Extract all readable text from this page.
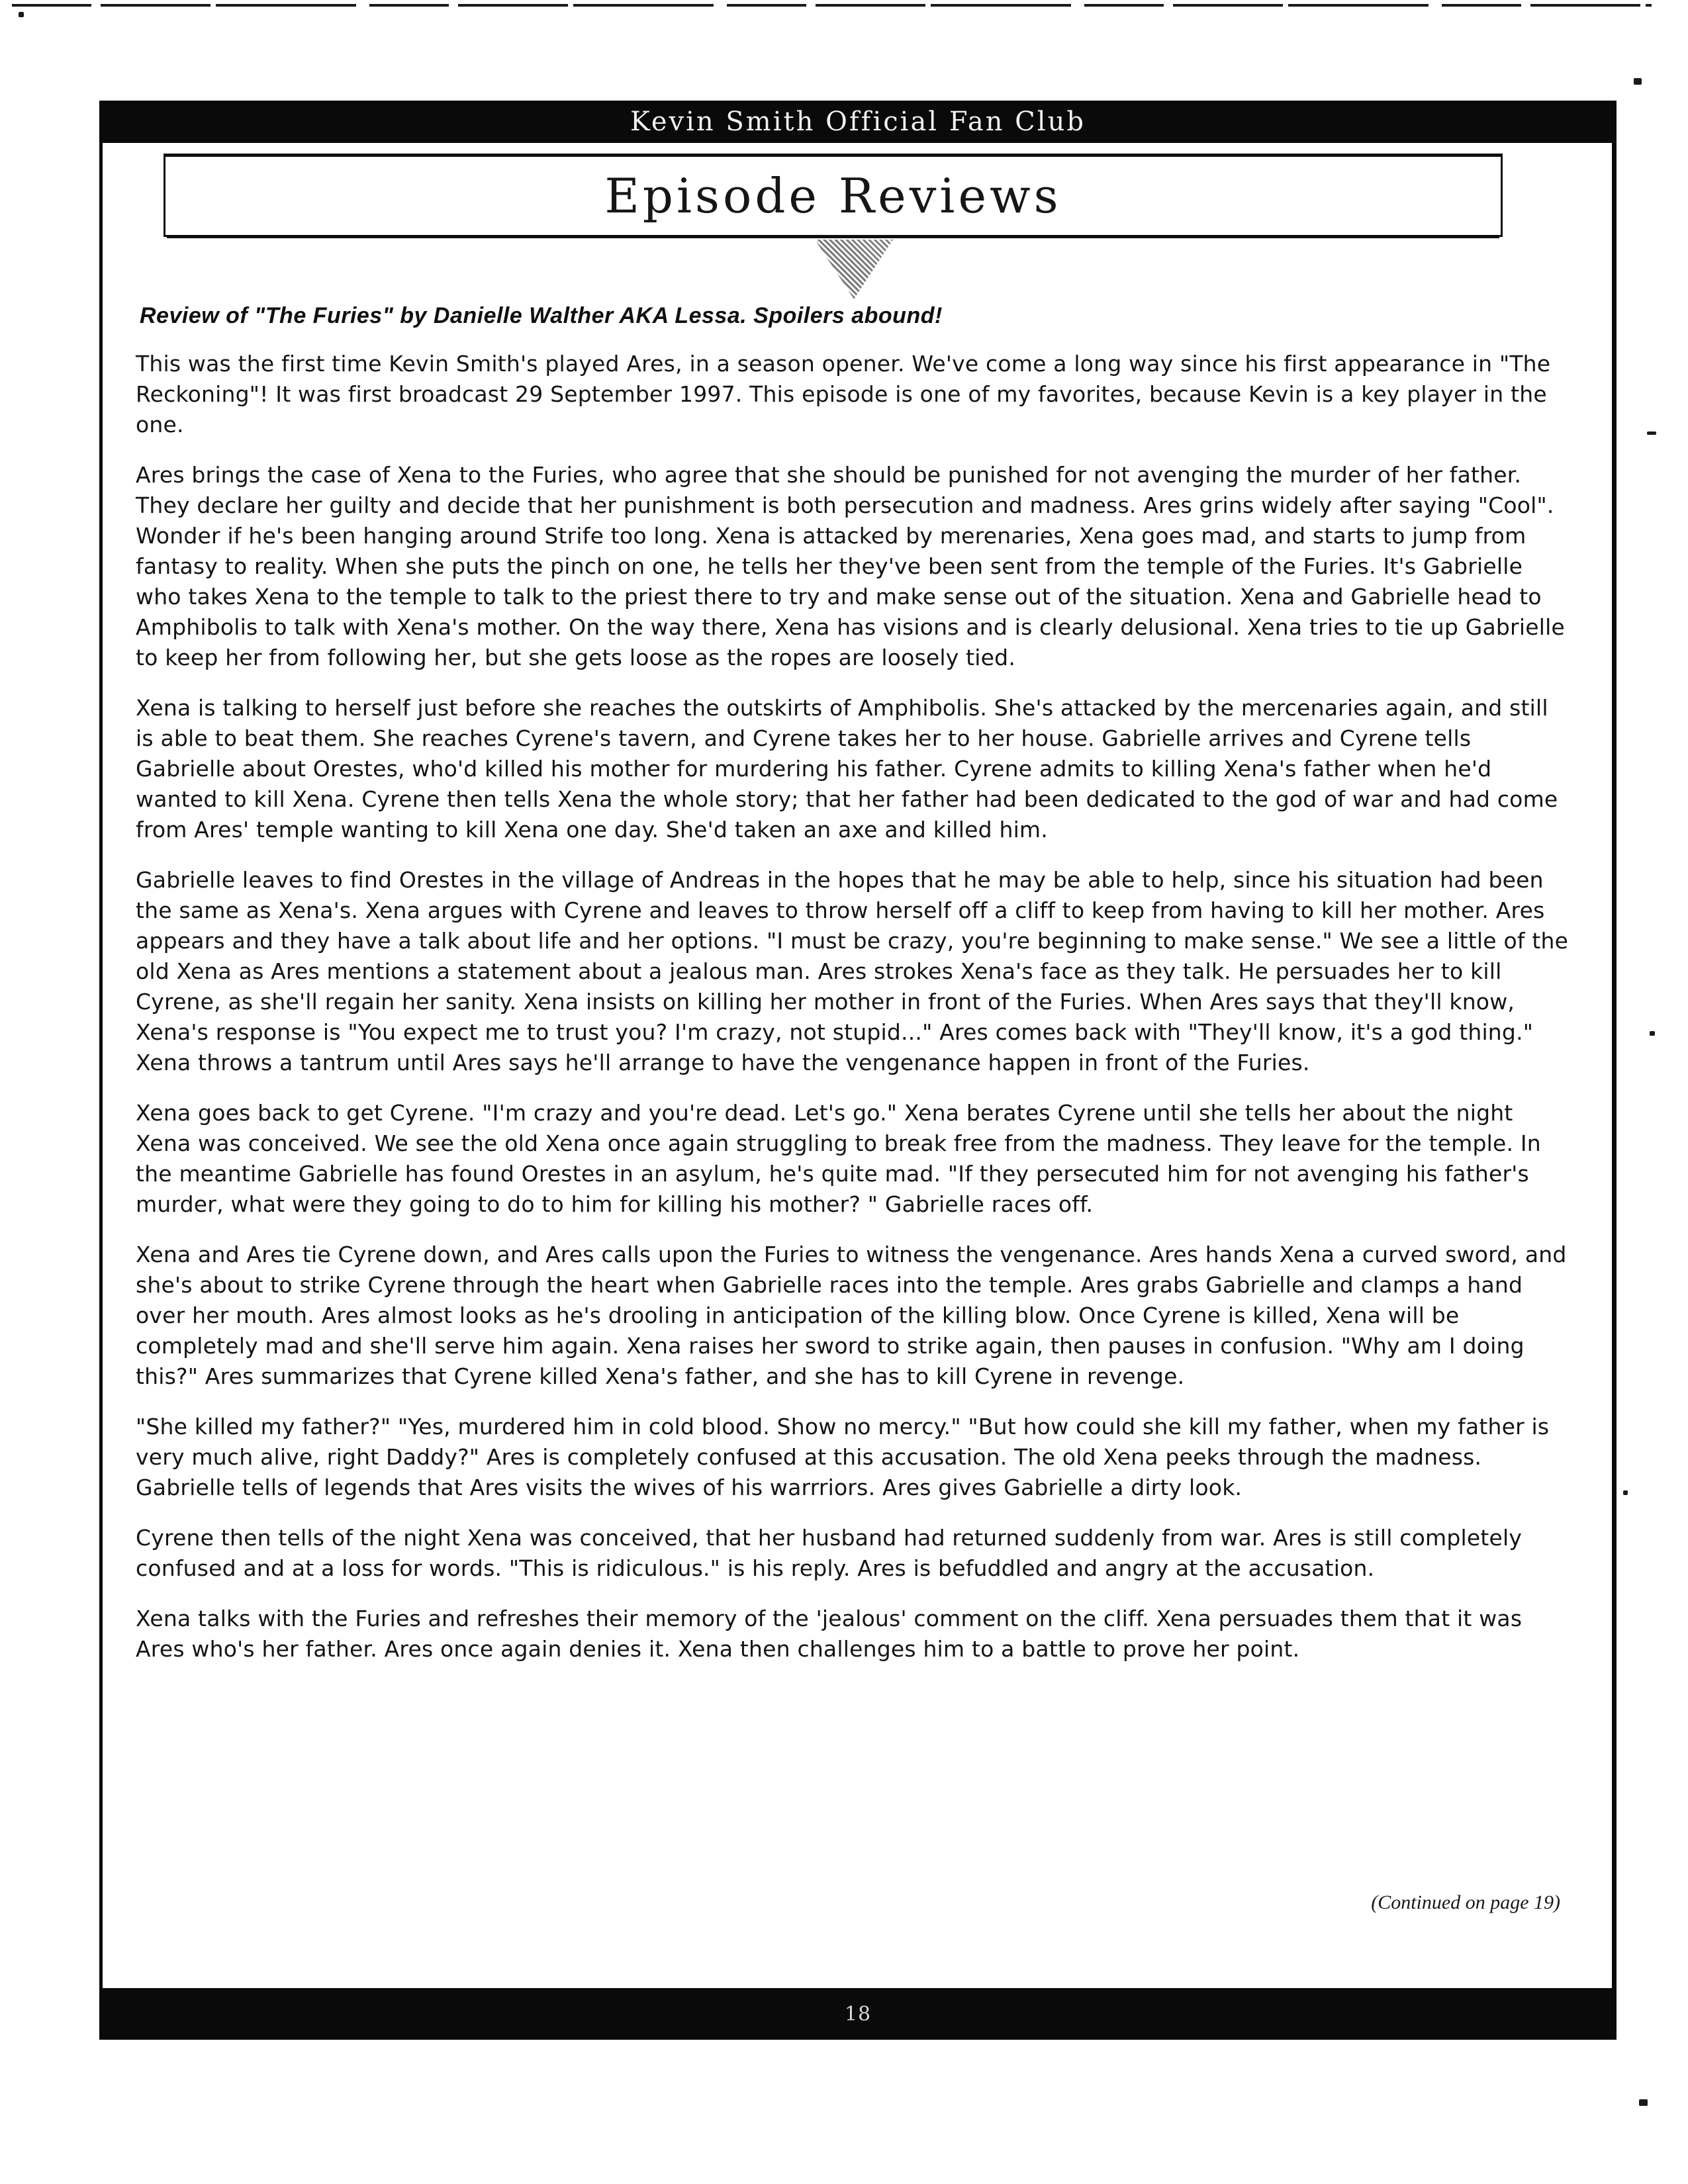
Kevin Smith Official Fan Club
Episode Reviews
Review of "The Furies" by Danielle Walther AKA Lessa. Spoilers abound!

This was the first time Kevin Smith's played Ares, in a season opener. We've come a long way since his first appearance in "The Reckoning"! It was first broadcast 29 September 1997. This episode is one of my favorites, because Kevin is a key player in the one.

Ares brings the case of Xena to the Furies, who agree that she should be punished for not avenging the murder of her father. They declare her guilty and decide that her punishment is both persecution and madness. Ares grins widely after saying "Cool". Wonder if he's been hanging around Strife too long. Xena is attacked by merenaries, Xena goes mad, and starts to jump from fantasy to reality. When she puts the pinch on one, he tells her they've been sent from the temple of the Furies. It's Gabrielle who takes Xena to the temple to talk to the priest there to try and make sense out of the situation. Xena and Gabrielle head to Amphibolis to talk with Xena's mother. On the way there, Xena has visions and is clearly delusional. Xena tries to tie up Gabrielle to keep her from following her, but she gets loose as the ropes are loosely tied.

Xena is talking to herself just before she reaches the outskirts of Amphibolis. She's attacked by the mercenaries again, and still is able to beat them. She reaches Cyrene's tavern, and Cyrene takes her to her house. Gabrielle arrives and Cyrene tells Gabrielle about Orestes, who'd killed his mother for murdering his father. Cyrene admits to killing Xena's father when he'd wanted to kill Xena. Cyrene then tells Xena the whole story; that her father had been dedicated to the god of war and had come from Ares' temple wanting to kill Xena one day. She'd taken an axe and killed him.

Gabrielle leaves to find Orestes in the village of Andreas in the hopes that he may be able to help, since his situation had been the same as Xena's. Xena argues with Cyrene and leaves to throw herself off a cliff to keep from having to kill her mother. Ares appears and they have a talk about life and her options. "I must be crazy, you're beginning to make sense." We see a little of the old Xena as Ares mentions a statement about a jealous man. Ares strokes Xena's face as they talk. He persuades her to kill Cyrene, as she'll regain her sanity. Xena insists on killing her mother in front of the Furies. When Ares says that they'll know, Xena's response is "You expect me to trust you? I'm crazy, not stupid..." Ares comes back with "They'll know, it's a god thing." Xena throws a tantrum until Ares says he'll arrange to have the vengenance happen in front of the Furies.

Xena goes back to get Cyrene. "I'm crazy and you're dead. Let's go." Xena berates Cyrene until she tells her about the night Xena was conceived. We see the old Xena once again struggling to break free from the madness. They leave for the temple. In the meantime Gabrielle has found Orestes in an asylum, he's quite mad. "If they persecuted him for not avenging his father's murder, what were they going to do to him for killing his mother? " Gabrielle races off.

Xena and Ares tie Cyrene down, and Ares calls upon the Furies to witness the vengenance. Ares hands Xena a curved sword, and she's about to strike Cyrene through the heart when Gabrielle races into the temple. Ares grabs Gabrielle and clamps a hand over her mouth. Ares almost looks as he's drooling in anticipation of the killing blow. Once Cyrene is killed, Xena will be completely mad and she'll serve him again. Xena raises her sword to strike again, then pauses in confusion. "Why am I doing this?" Ares summarizes that Cyrene killed Xena's father, and she has to kill Cyrene in revenge.

"She killed my father?" "Yes, murdered him in cold blood. Show no mercy." "But how could she kill my father, when my father is very much alive, right Daddy?" Ares is completely confused at this accusation. The old Xena peeks through the madness. Gabrielle tells of legends that Ares visits the wives of his warrriors. Ares gives Gabrielle a dirty look.

Cyrene then tells of the night Xena was conceived, that her husband had returned suddenly from war. Ares is still completely confused and at a loss for words. "This is ridiculous." is his reply. Ares is befuddled and angry at the accusation.

Xena talks with the Furies and refreshes their memory of the 'jealous' comment on the cliff. Xena persuades them that it was Ares who's her father. Ares once again denies it. Xena then challenges him to a battle to prove her point.

(Continued on page 19)
18
